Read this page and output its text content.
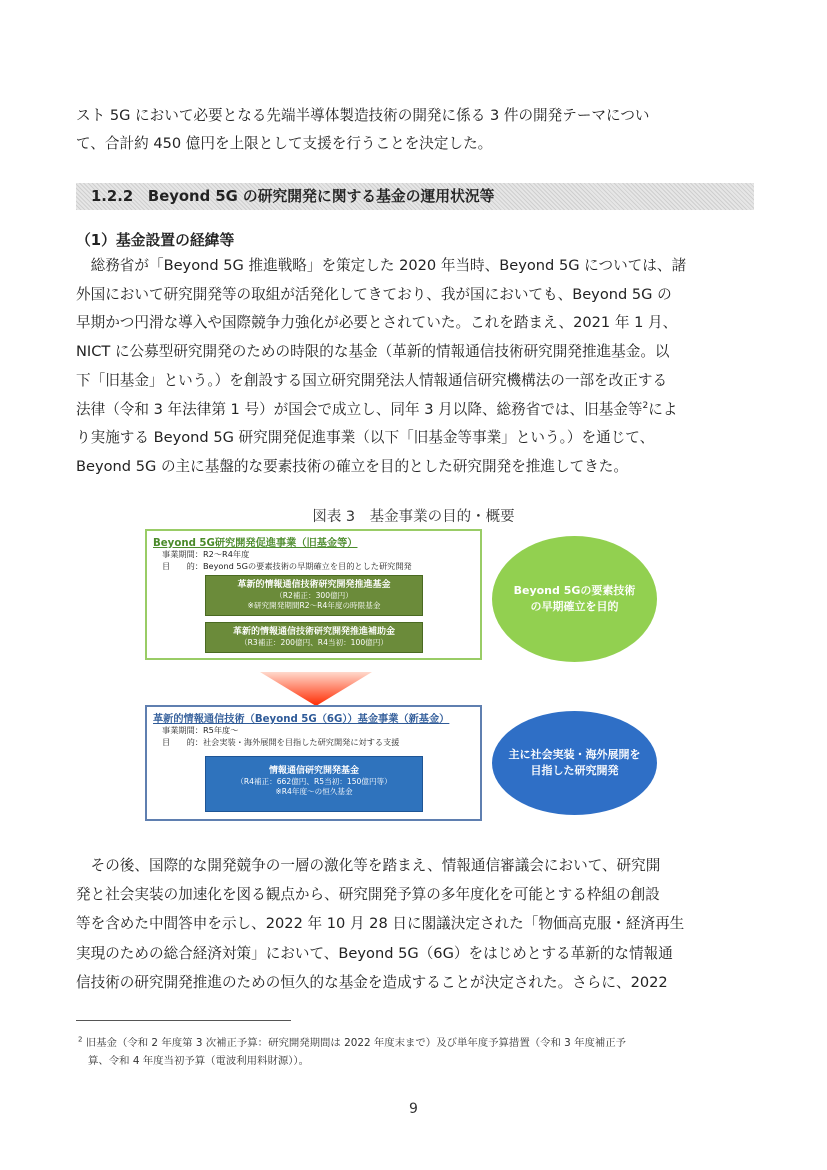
スト 5G において必要となる先端半導体製造技術の開発に係る 3 件の開発テーマについ
て、合計約 450 億円を上限として支援を行うことを決定した。
1.2.2　Beyond 5G の研究開発に関する基金の運用状況等
（1）基金設置の経緯等
　総務省が「Beyond 5G 推進戦略」を策定した 2020 年当時、Beyond 5G については、諸
外国において研究開発等の取組が活発化してきており、我が国においても、Beyond 5G の
早期かつ円滑な導入や国際競争力強化が必要とされていた。これを踏まえ、2021 年 1 月、
NICT に公募型研究開発のための時限的な基金（革新的情報通信技術研究開発推進基金。以
下「旧基金」という。）を創設する国立研究開発法人情報通信研究機構法の一部を改正する
法律（令和 3 年法律第 1 号）が国会で成立し、同年 3 月以降、総務省では、旧基金等$^2$によ
り実施する Beyond 5G 研究開発促進事業（以下「旧基金等事業」という。）を通じて、
Beyond 5G の主に基盤的な要素技術の確立を目的とした研究開発を推進してきた。
図表 3　基金事業の目的・概要
Beyond 5G研究開発促進事業（旧基金等）
事業期間：R2～R4年度
目　　的：Beyond 5Gの要素技術の早期確立を目的とした研究開発
革新的情報通信技術研究開発推進基金
（R2補正：300億円）
※研究開発期間R2～R4年度の時限基金
革新的情報通信技術研究開発推進補助金
（R3補正：200億円、R4当初：100億円）
Beyond 5Gの要素技術
の早期確立を目的
革新的情報通信技術（Beyond 5G（6G））基金事業（新基金）
事業期間：R5年度～
目　　的：社会実装・海外展開を目指した研究開発に対する支援
情報通信研究開発基金
（R4補正：662億円、R5当初：150億円等）
※R4年度～の恒久基金
主に社会実装・海外展開を
目指した研究開発
　その後、国際的な開発競争の一層の激化等を踏まえ、情報通信審議会において、研究開
発と社会実装の加速化を図る観点から、研究開発予算の多年度化を可能とする枠組の創設
等を含めた中間答申を示し、2022 年 10 月 28 日に閣議決定された「物価高克服・経済再生
実現のための総合経済対策」において、Beyond 5G（6G）をはじめとする革新的な情報通
信技術の研究開発推進のための恒久的な基金を造成することが決定された。さらに、2022
$^2$ 旧基金（令和 2 年度第 3 次補正予算：研究開発期間は 2022 年度末まで）及び単年度予算措置（令和 3 年度補正予
算、令和 4 年度当初予算（電波利用料財源））。
9
